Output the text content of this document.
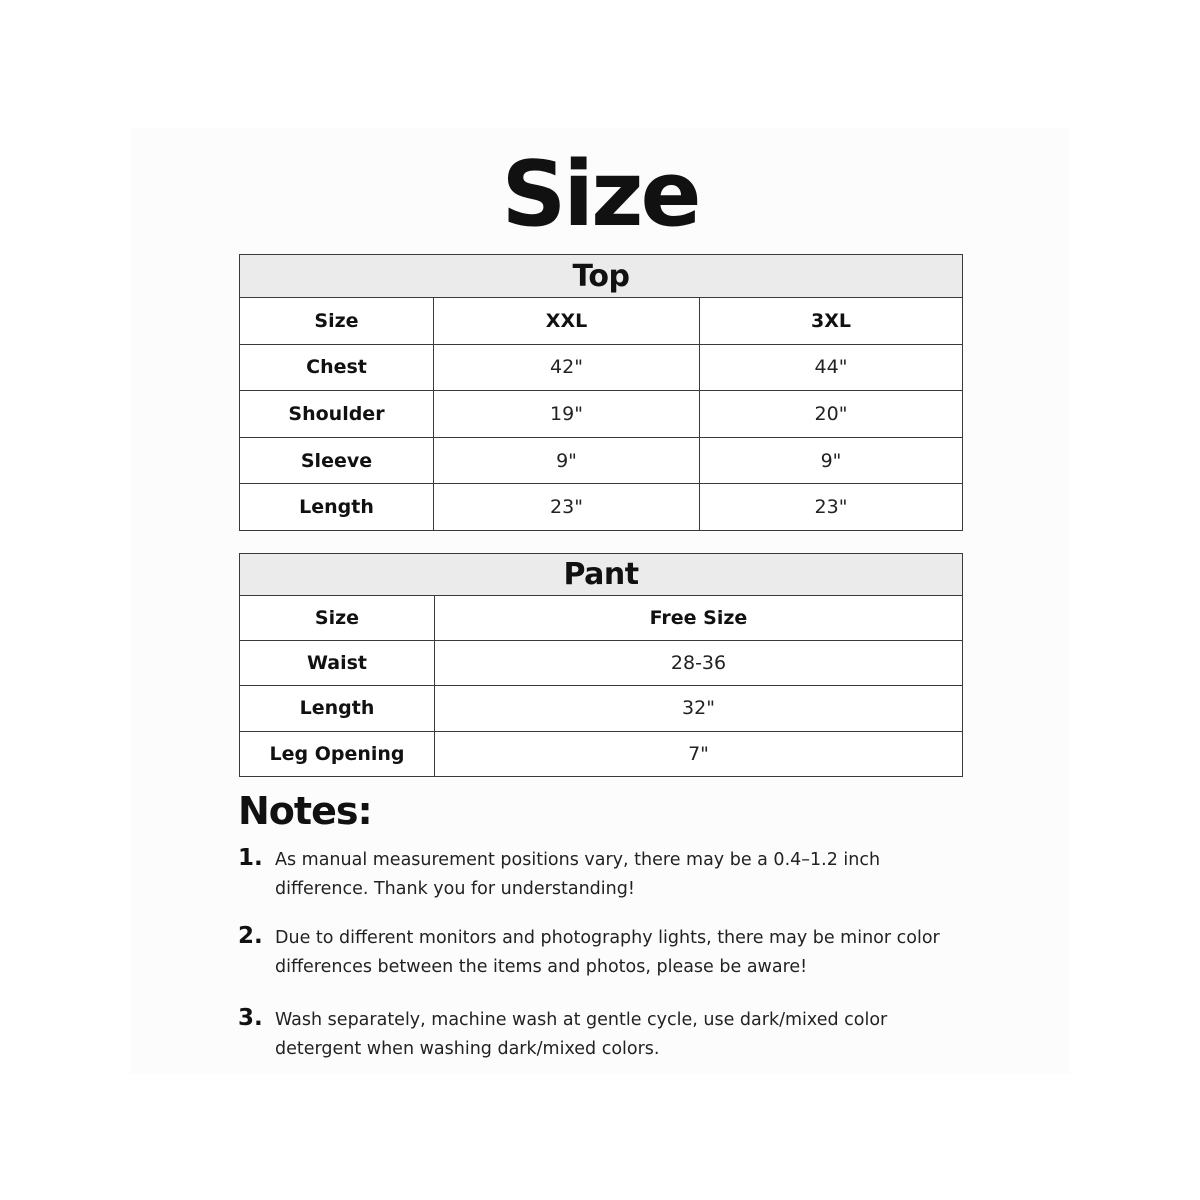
Size
Top		
Size	XXL	3XL
Chest	42"	44"
Shoulder	19"	20"
Sleeve	9"	9"
Length	23"	23"
Pant	
Size	Free Size
Waist	28-36
Length	32"
Leg Opening	7"
Notes:
1. As manual measurement positions vary, there may be a 0.4–1.2 inch difference. Thank you for understanding!
2. Due to different monitors and photography lights, there may be minor color differences between the items and photos, please be aware!
3. Wash separately, machine wash at gentle cycle, use dark/mixed color detergent when washing dark/mixed colors.
